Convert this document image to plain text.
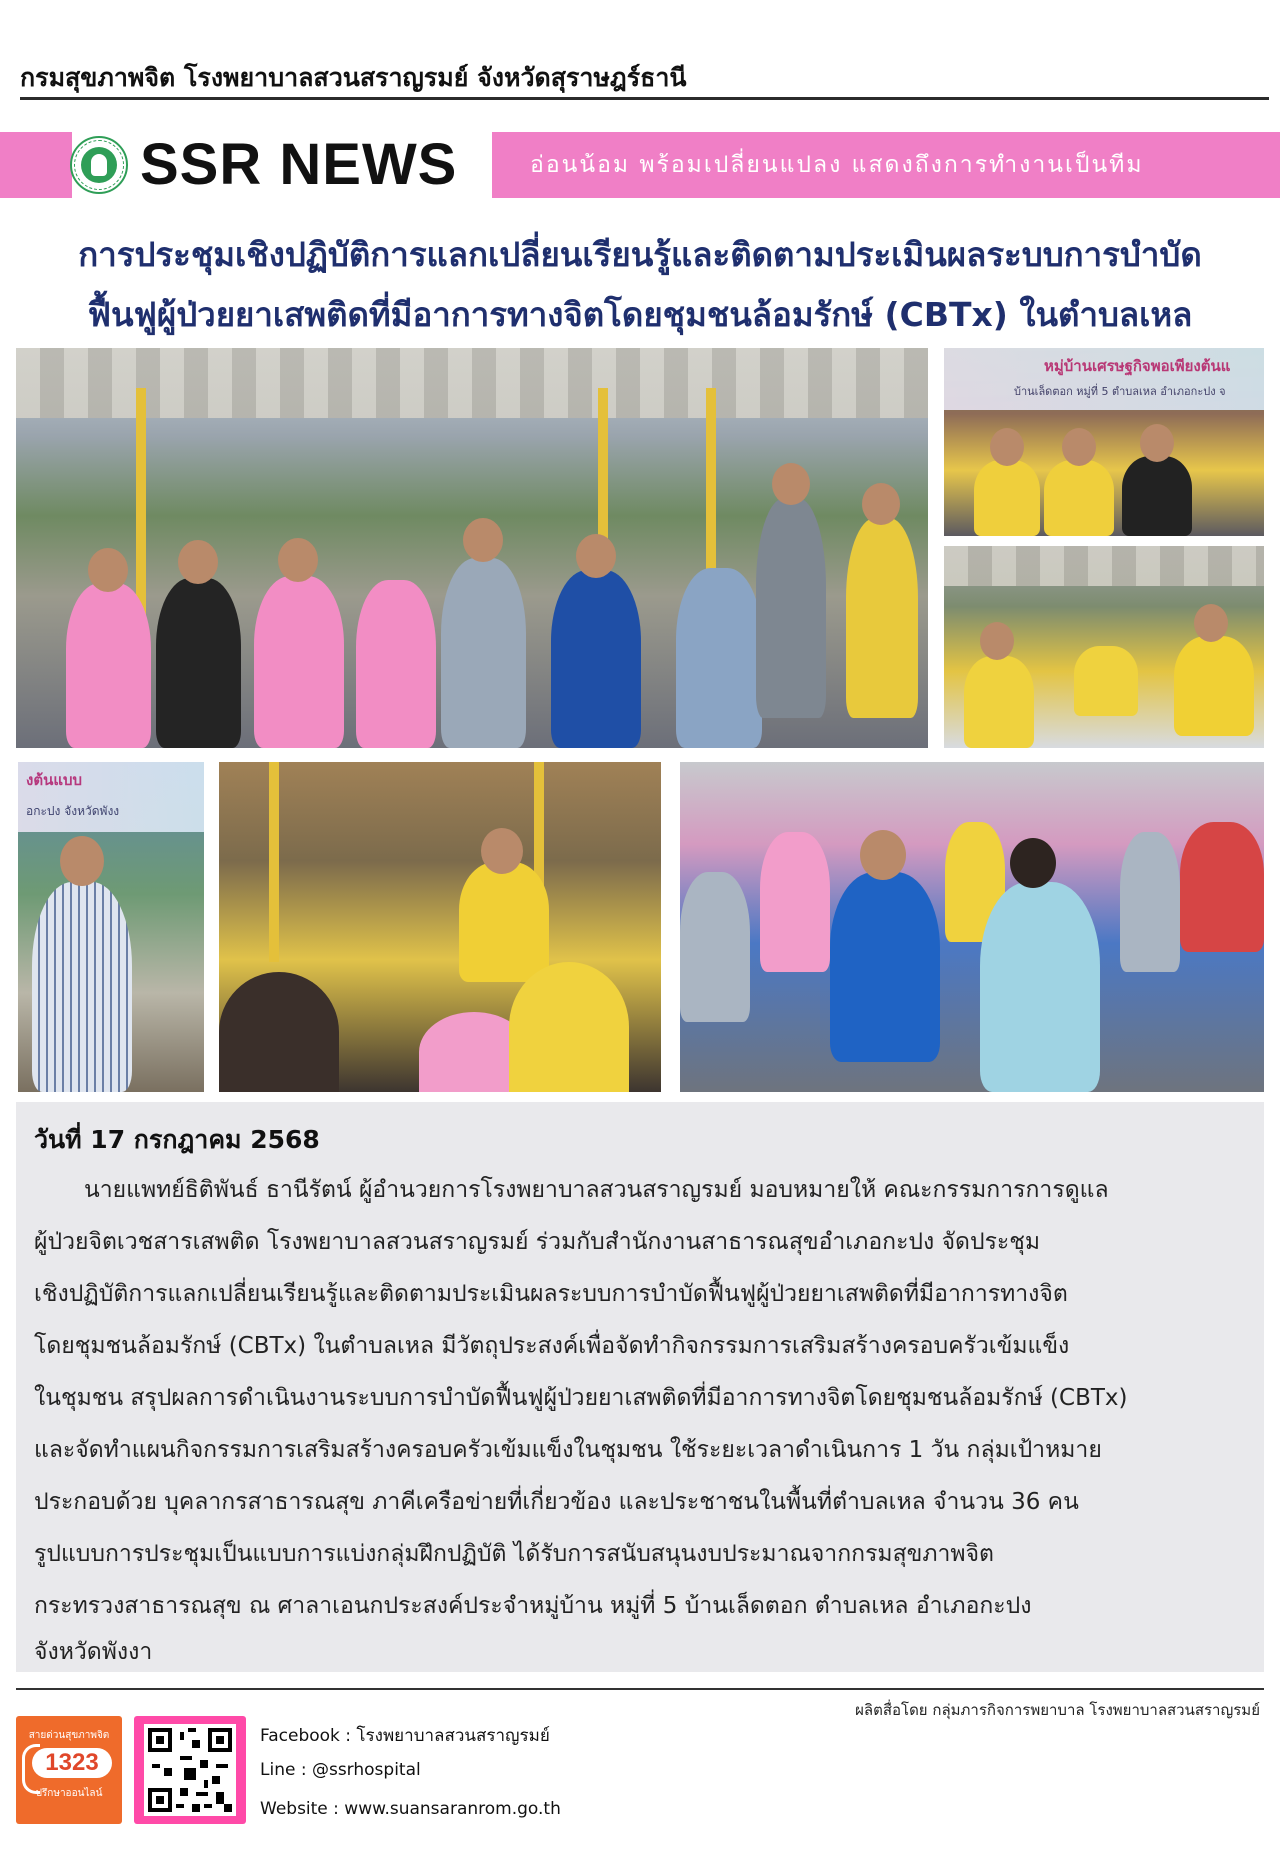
กรมสุขภาพจิต โรงพยาบาลสวนสราญรมย์ จังหวัดสุราษฎร์ธานี
SSR NEWS	อ่อนน้อม พร้อมเปลี่ยนแปลง แสดงถึงการทำงานเป็นทีม
การประชุมเชิงปฏิบัติการแลกเปลี่ยนเรียนรู้และติดตามประเมินผลระบบการบำบัด
ฟื้นฟูผู้ป่วยยาเสพติดที่มีอาการทางจิตโดยชุมชนล้อมรักษ์ (CBTx) ในตำบลเหล
หมู่บ้านเศรษฐกิจพอเพียงต้นแ
บ้านเล็ดตอก หมู่ที่ 5 ตำบลเหล อำเภอกะปง จ
งต้นแบบ
อกะปง จังหวัดพังง
วันที่ 17 กรกฎาคม 2568
นายแพทย์ธิติพันธ์ ธานีรัตน์ ผู้อำนวยการโรงพยาบาลสวนสราญรมย์ มอบหมายให้ คณะกรรมการการดูแล
ผู้ป่วยจิตเวชสารเสพติด โรงพยาบาลสวนสราญรมย์ ร่วมกับสำนักงานสาธารณสุขอำเภอกะปง จัดประชุม
เชิงปฏิบัติการแลกเปลี่ยนเรียนรู้และติดตามประเมินผลระบบการบำบัดฟื้นฟูผู้ป่วยยาเสพติดที่มีอาการทางจิต
โดยชุมชนล้อมรักษ์ (CBTx) ในตำบลเหล มีวัตถุประสงค์เพื่อจัดทำกิจกรรมการเสริมสร้างครอบครัวเข้มแข็ง
ในชุมชน สรุปผลการดำเนินงานระบบการบำบัดฟื้นฟูผู้ป่วยยาเสพติดที่มีอาการทางจิตโดยชุมชนล้อมรักษ์ (CBTx)
และจัดทำแผนกิจกรรมการเสริมสร้างครอบครัวเข้มแข็งในชุมชน ใช้ระยะเวลาดำเนินการ 1 วัน กลุ่มเป้าหมาย
ประกอบด้วย บุคลากรสาธารณสุข ภาคีเครือข่ายที่เกี่ยวข้อง และประชาชนในพื้นที่ตำบลเหล จำนวน 36 คน
รูปแบบการประชุมเป็นแบบการแบ่งกลุ่มฝึกปฏิบัติ ได้รับการสนับสนุนงบประมาณจากกรมสุขภาพจิต
กระทรวงสาธารณสุข ณ ศาลาเอนกประสงค์ประจำหมู่บ้าน หมู่ที่ 5 บ้านเล็ดตอก ตำบลเหล อำเภอกะปง
จังหวัดพังงา
ผลิตสื่อโดย กลุ่มภารกิจการพยาบาล โรงพยาบาลสวนสราญรมย์
สายด่วนสุขภาพจิต
1323
ปรึกษาออนไลน์
Facebook : โรงพยาบาลสวนสราญรมย์
Line : @ssrhospital
Website : www.suansaranrom.go.th
